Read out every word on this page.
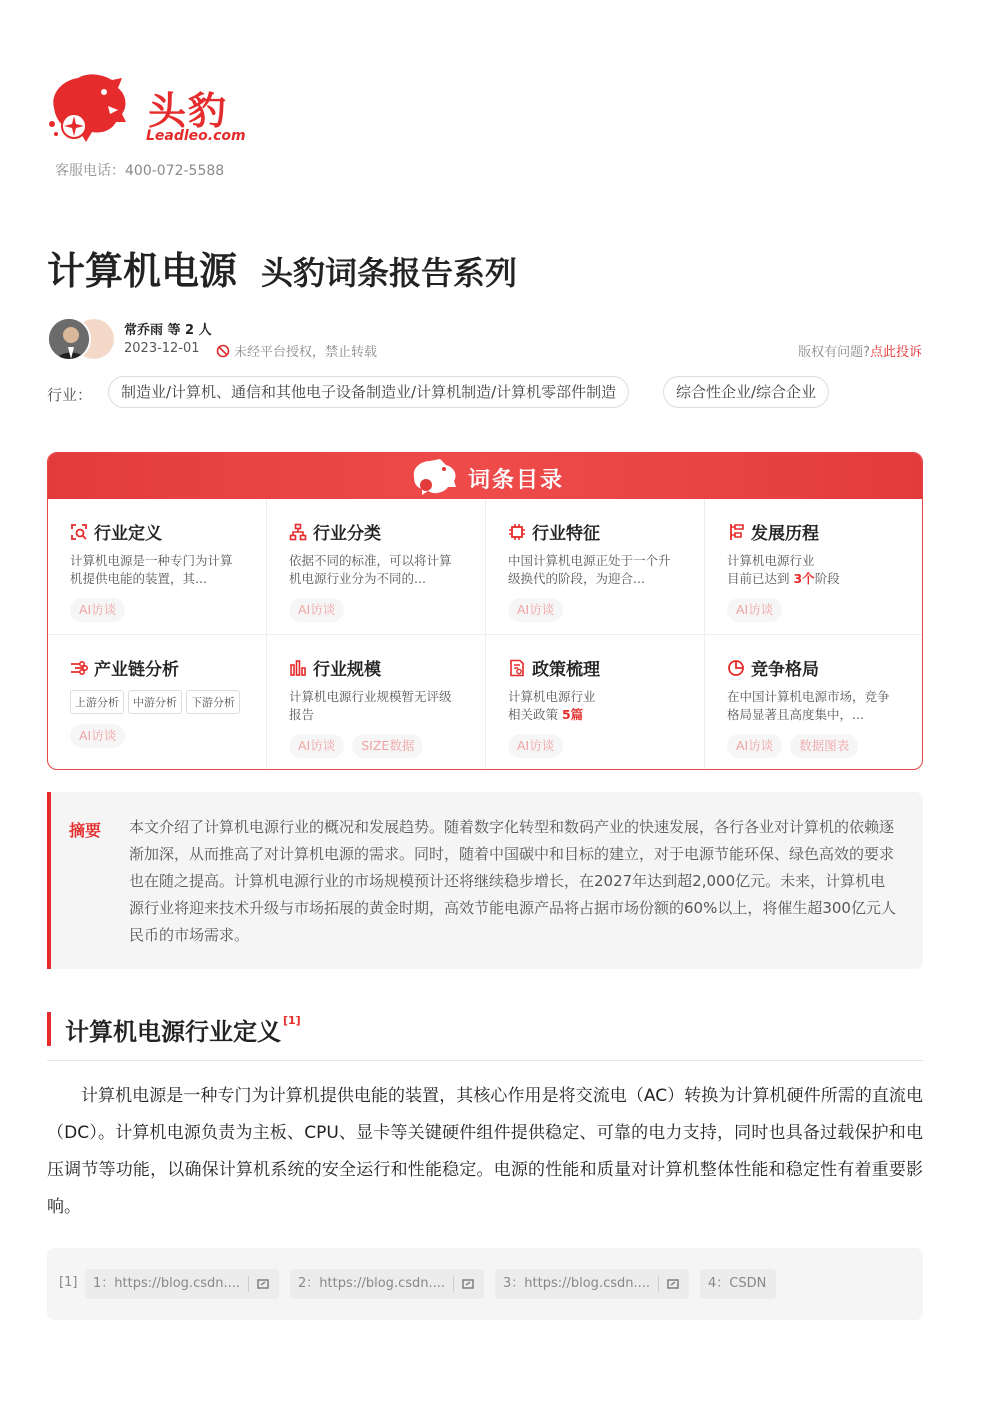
头豹
Leadleo.com
客服电话：400-072-5588
计算机电源 头豹词条报告系列
常乔雨 等 2 人
2023-12-01	未经平台授权，禁止转载	版权有问题?点此投诉
行业：	制造业/计算机、通信和其他电子设备制造业/计算机制造/计算机零部件制造	综合性企业/综合企业
词条目录
行业定义
计算机电源是一种专门为计算机提供电能的装置，其...
AI访谈
行业分类
依据不同的标准，可以将计算机电源行业分为不同的...
AI访谈
行业特征
中国计算机电源正处于一个升级换代的阶段，为迎合...
AI访谈
发展历程
计算机电源行业
目前已达到 3个阶段
AI访谈
产业链分析
上游分析	中游分析	下游分析
AI访谈
行业规模
计算机电源行业规模暂无评级报告
AI访谈 SIZE数据
政策梳理
计算机电源行业
相关政策 5篇
AI访谈
竞争格局
在中国计算机电源市场，竞争格局显著且高度集中，...
AI访谈 数据图表
摘要 本文介绍了计算机电源行业的概况和发展趋势。随着数字化转型和数码产业的快速发展，各行各业对计算机的依赖逐渐加深，从而推高了对计算机电源的需求。同时，随着中国碳中和目标的建立，对于电源节能环保、绿色高效的要求也在随之提高。计算机电源行业的市场规模预计还将继续稳步增长，在2027年达到超2,000亿元。未来，计算机电源行业将迎来技术升级与市场拓展的黄金时期，高效节能电源产品将占据市场份额的60%以上，将催生超300亿元人民币的市场需求。
计算机电源行业定义 [1]
计算机电源是一种专门为计算机提供电能的装置，其核心作用是将交流电（AC）转换为计算机硬件所需的直流电（DC）。计算机电源负责为主板、CPU、显卡等关键硬件组件提供稳定、可靠的电力支持，同时也具备过载保护和电压调节等功能，以确保计算机系统的安全运行和性能稳定。电源的性能和质量对计算机整体性能和稳定性有着重要影响。
[1] 1：https://blog.csdn....	2：https://blog.csdn....	3：https://blog.csdn....	4：CSDN
